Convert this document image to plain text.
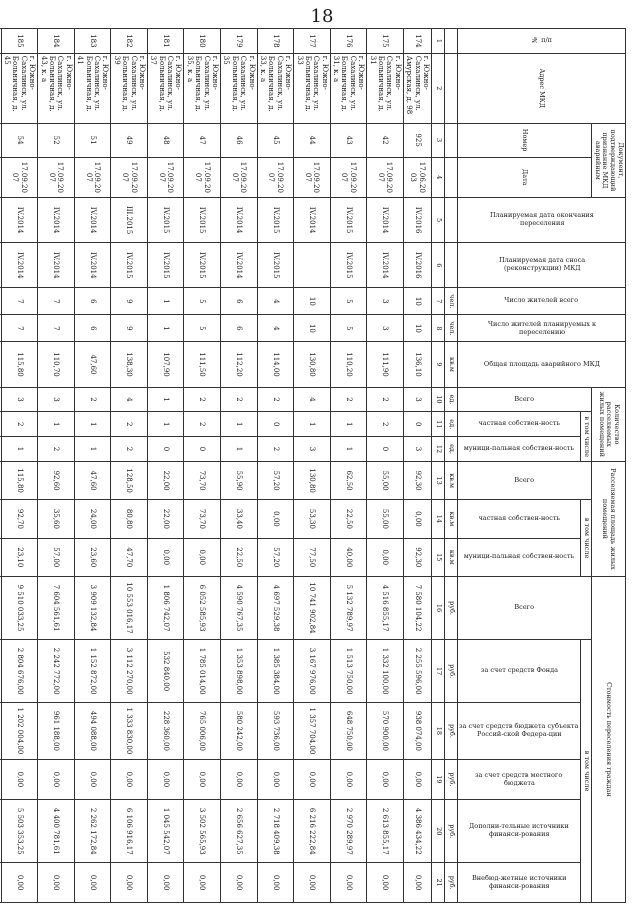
18
№ п/п	Адрес МКД	Документ, подтверждающий признание МКД аварийным		Планируемая дата окончания переселения	Планируемая дата сноса (реконструкции) МКД	Число жителей всего	Число жителей планируемых к переселению	Общая площадь аварийного МКД	Количество расселяемых жилых помещений			Расселяемая площадь жилых помещений			Стоимость переселения граждан					
		Номер	Дата						Всего	в том числе		Всего	в том числе		Всего	в том числе				

										частная собствен-ность	муници-пальная собствен-ность		частная собствен-ность	муници-пальная собствен-ность		за счет средств Фонда	за счет средств бюджета субъекта Россий-ской Федера-ции	за счет средств местного бюджета	Дополни-тельные источники финанси-рования	Внебюд-жетные источники финанси-рования

						чел.	чел.	кв.м	ед.	ед.	ед.	кв.м	кв.м	кв.м	руб.	руб.	руб.	руб.	руб.	руб.
1	2	3	4	5	6	7	8	9	10	11	12	13	14	15	16	17	18	19	20	21
174	г. Южно-Сахалинск, ул. Амурская, д. 98	925	17.06.20 03	IV.2016	IV.2016	10	10	136,10	3	0	3	92,30	0,00	92,30	7 580 104,22	2 255 596,00	938 074,00	0,00	4 386 434,22	0,00
175	г. Южно-Сахалинск, ул. Больничная, д. 31	42	17.09.20 07	IV.2014	IV.2014	3	3	111,90	2	2	0	55,00	55,00	0,00	4 516 855,17	1 332 100,00	570 900,00	0,00	2 613 855,17	0,00
176	г. Южно-Сахалинск, ул. Больничная, д. 31, к. а	43	17.09.20 07	IV.2015	IV.2015	5	5	110,20	2	1	1	62,50	22,50	40,00	5 132 789,97	1 513 750,00	648 750,00	0,00	2 970 289,97	0,00
177	г. Южно-Сахалинск, ул. Больничная, д. 33	44	17.09.20 07	IV.2014		10	10	130,80	4	1	3	130,80	53,30	77,50	10 741 902,84	3 167 976,00	1 357 704,00	0,00	6 216 222,84	0,00
178	г. Южно-Сахалинск, ул. Больничная, д. 33, к. а	45	17.09.20 07	IV.2015	IV.2015	4	4	114,00	2	0	2	57,20	0,00	57,20	4 697 529,38	1 385 384,00	593 736,00	0,00	2 718 409,38	0,00
179	г. Южно-Сахалинск, ул. Больничная, д. 35	46	17.09.20 07	IV.2014	IV.2014	6	6	112,20	2	1	1	55,90	33,40	22,50	4 590 767,35	1 353 898,00	580 242,00	0,00	2 656 627,35	0,00
180	г. Южно-Сахалинск, ул. Больничная, д. 35, к. а	47	17.09.20 07	IV.2015	IV.2015	5	5	111,50	2	2	0	73,70	73,70	0,00	6 052 585,93	1 785 014,00	765 006,00	0,00	3 502 565,93	0,00
181	г. Южно-Сахалинск, ул. Больничная, д. 37	48	17.09.20 07	IV.2015	IV.2015	1	1	107,90	1	1	0	22,00	22,00	0,00	1 806 742,07	532 840,00	228 360,00	0,00	1 045 542,07	0,00
182	г. Южно-Сахалинск, ул. Больничная, д. 39	49	17.09.20 07	III.2015	IV.2015	9	9	138,30	4	2	2	128,50	80,80	47,70	10 553 016,17	3 112 270,00	1 333 830,00	0,00	6 106 916,17	0,00
183	г. Южно-Сахалинск, ул. Больничная, д. 41	51	17.09.20 07	IV.2014	IV.2014	6	6	47,60	2	1	1	47,60	24,00	23,60	3 909 132,84	1 152 872,00	494 088,00	0,00	2 262 172,84	0,00
184	г. Южно-Сахалинск, ул. Больничная, д. 43, к. а	52	17.09.20 07	IV.2014	IV.2014	7	7	110,70	3	1	2	92,60	35,60	57,00	7 604 561,61	2 242 772,00	961 188,00	0,00	4 400 781,61	0,00
185	г. Южно-Сахалинск, ул. Больничная, д. 45	54	17.09.20 07	IV.2014	IV.2014	7	7	115,80	3	2	1	115,80	92,70	23,10	9 510 033,25	2 804 676,00	1 202 004,00	0,00	5 503 353,25	0,00
